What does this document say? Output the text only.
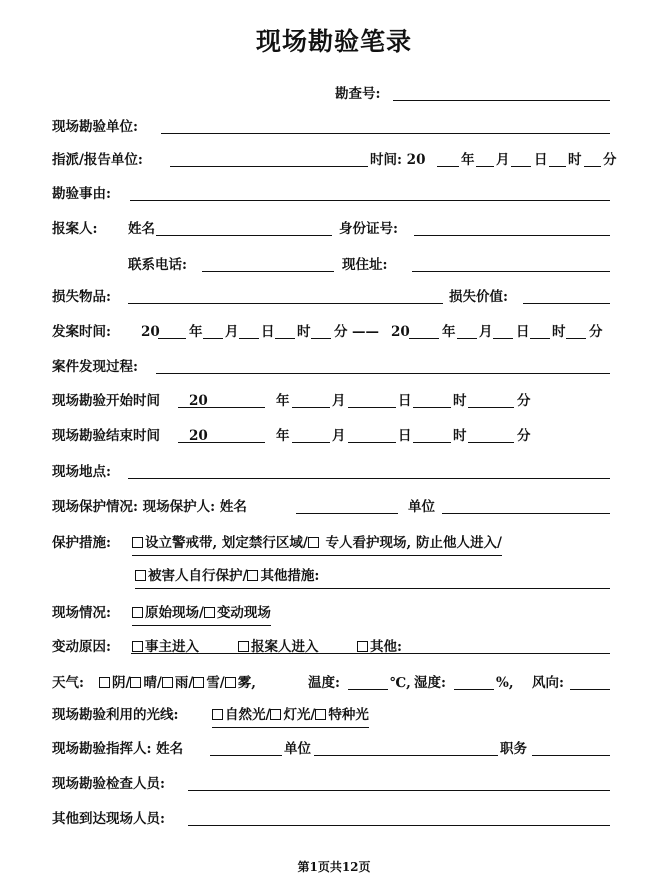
现场勘验笔录
勘查号:
现场勘验单位:
指派/报告单位:	时间: 20	年 月 日 时 分
勘验事由:
报案人: 姓名	身份证号:
联系电话:	现住址:
损失物品:	损失价值:
发案时间: 20 年 月 日 时 分 —— 20 年 月 日 时 分
案件发现过程:
现场勘验开始时间 20	年	月	日	时	分
现场勘验结束时间 20	年	月	日	时	分
现场地点:
现场保护情况: 现场保护人: 姓名	单位
保护措施:	设立警戒带, 划定禁行区域/ 专人看护现场, 防止他人进入/
被害人自行保护/ 其他措施:
现场情况:	原始现场/ 变动现场
变动原因:	事主进入	报案人进入	其他:
天气:	阴/ 晴/ 雨/ 雪/ 雾,	温度:	℃, 湿度:	%, 风向:
现场勘验利用的光线:	自然光/ 灯光/ 特种光
现场勘验指挥人: 姓名	单位	职务
现场勘验检查人员:
其他到达现场人员:
第1页共12页
